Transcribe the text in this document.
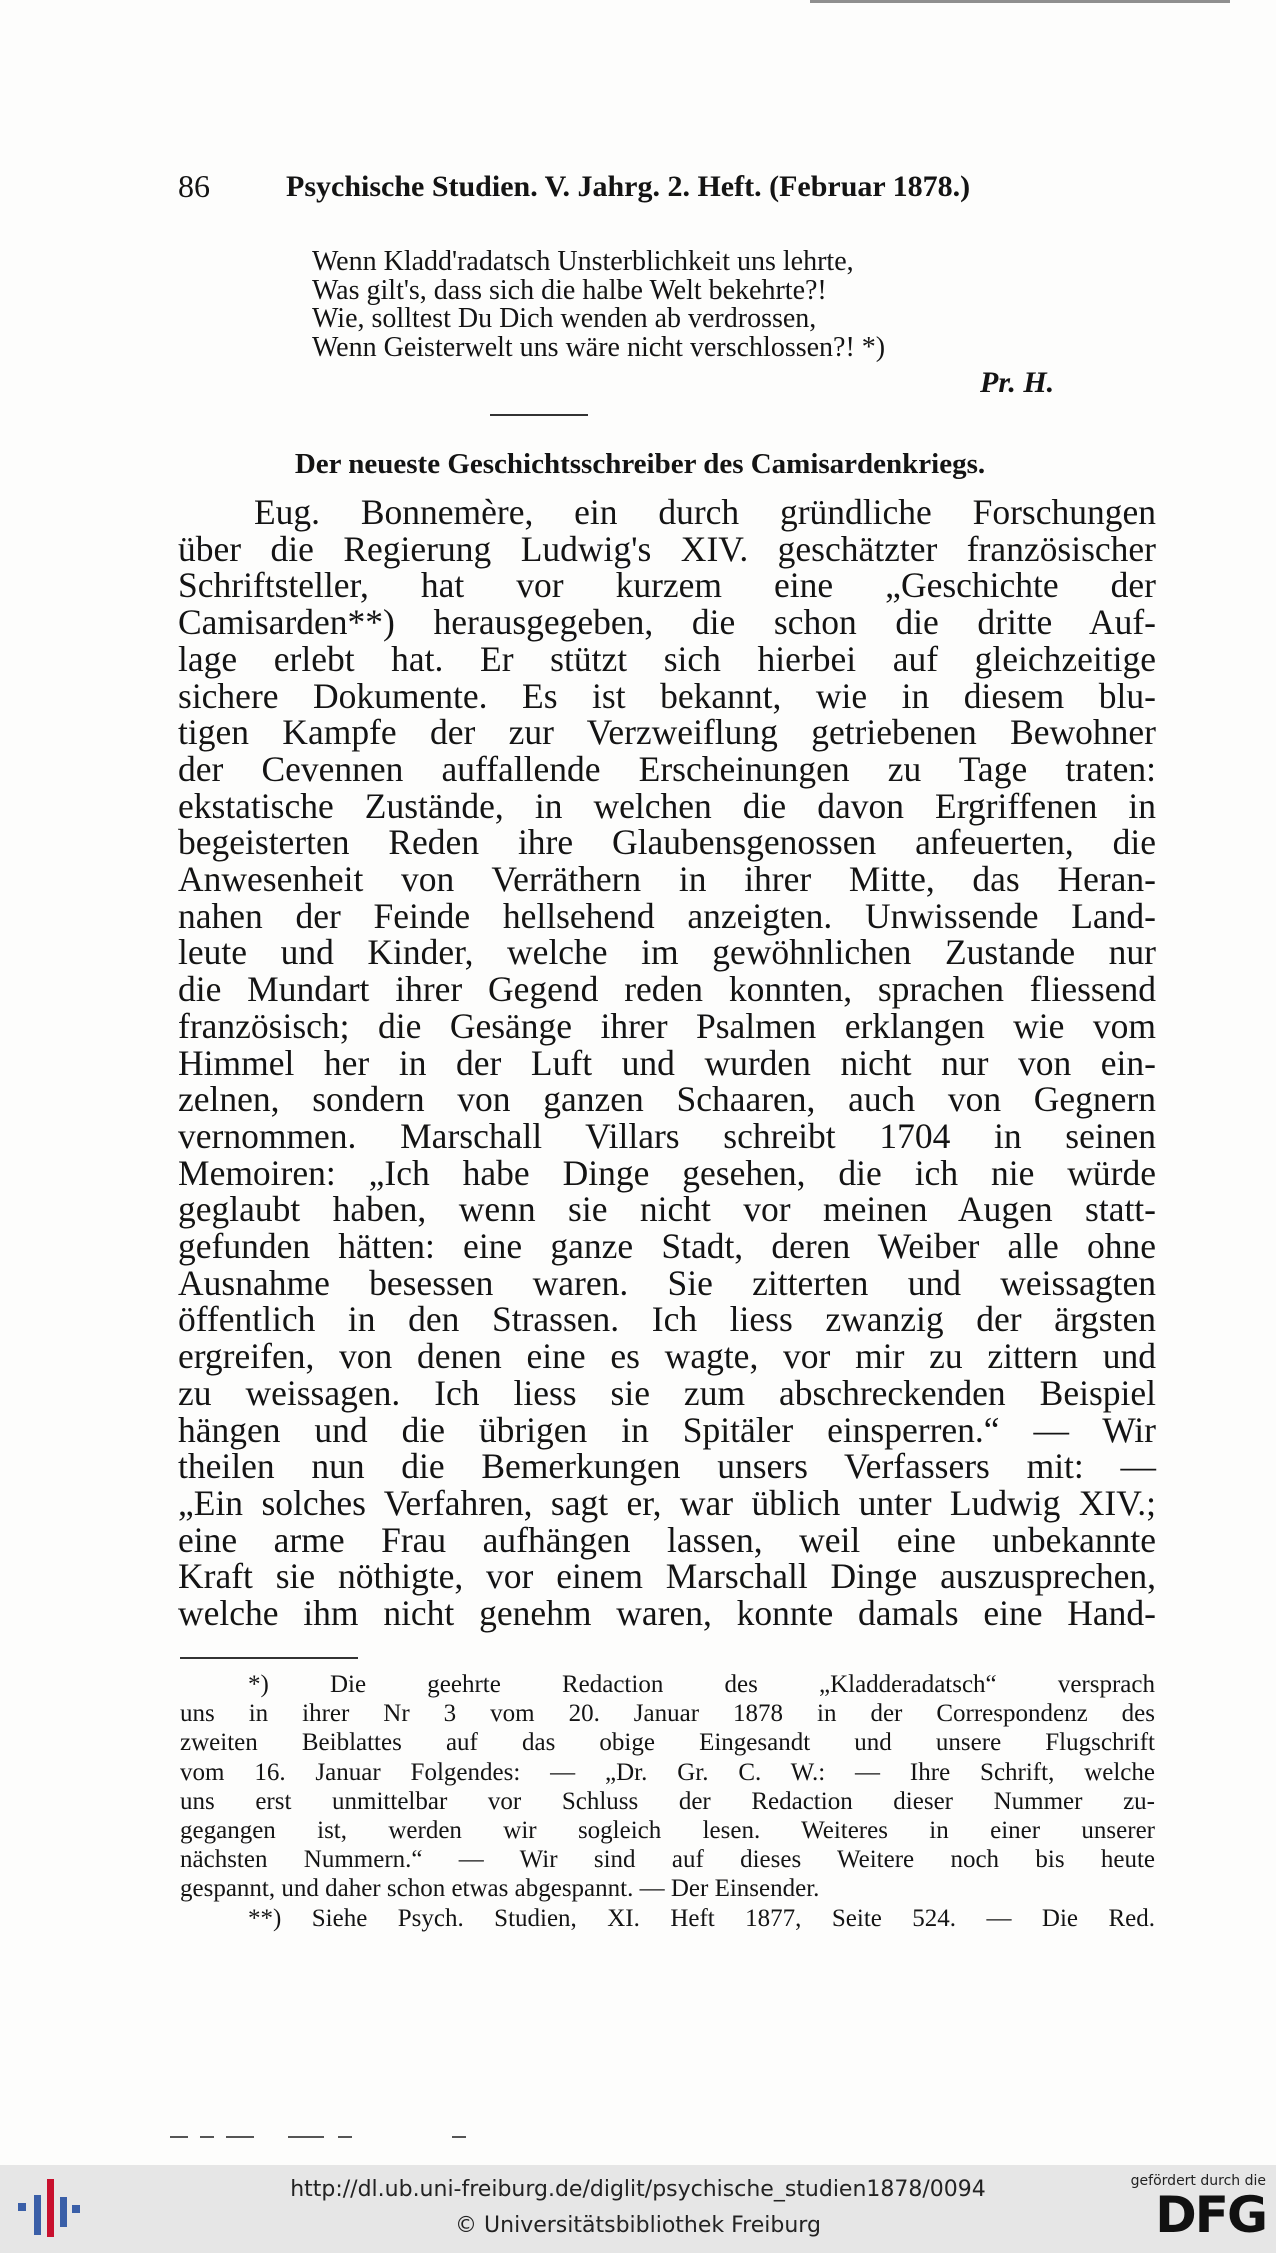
86	Psychische Studien. V. Jahrg. 2. Heft. (Februar 1878.)
Wenn Kladd'radatsch Unsterblichkeit uns lehrte,
Was gilt's, dass sich die halbe Welt bekehrte?!
Wie, solltest Du Dich wenden ab verdrossen,
Wenn Geisterwelt uns wäre nicht verschlossen?! *)
Pr. H.
Der neueste Geschichtsschreiber des Camisardenkriegs.
Eug. Bonnemère, ein durch gründliche Forschungen
über die Regierung Ludwig's XIV. geschätzter französischer
Schriftsteller, hat vor kurzem eine „Geschichte der
Camisarden**) herausgegeben, die schon die dritte Auf-
lage erlebt hat. Er stützt sich hierbei auf gleichzeitige
sichere Dokumente. Es ist bekannt, wie in diesem blu-
tigen Kampfe der zur Verzweiflung getriebenen Bewohner
der Cevennen auffallende Erscheinungen zu Tage traten:
ekstatische Zustände, in welchen die davon Ergriffenen in
begeisterten Reden ihre Glaubensgenossen anfeuerten, die
Anwesenheit von Verräthern in ihrer Mitte, das Heran-
nahen der Feinde hellsehend anzeigten. Unwissende Land-
leute und Kinder, welche im gewöhnlichen Zustande nur
die Mundart ihrer Gegend reden konnten, sprachen fliessend
französisch; die Gesänge ihrer Psalmen erklangen wie vom
Himmel her in der Luft und wurden nicht nur von ein-
zelnen, sondern von ganzen Schaaren, auch von Gegnern
vernommen. Marschall Villars schreibt 1704 in seinen
Memoiren: „Ich habe Dinge gesehen, die ich nie würde
geglaubt haben, wenn sie nicht vor meinen Augen statt-
gefunden hätten: eine ganze Stadt, deren Weiber alle ohne
Ausnahme besessen waren. Sie zitterten und weissagten
öffentlich in den Strassen. Ich liess zwanzig der ärgsten
ergreifen, von denen eine es wagte, vor mir zu zittern und
zu weissagen. Ich liess sie zum abschreckenden Beispiel
hängen und die übrigen in Spitäler einsperren.“ — Wir
theilen nun die Bemerkungen unsers Verfassers mit: —
„Ein solches Verfahren, sagt er, war üblich unter Ludwig XIV.;
eine arme Frau aufhängen lassen, weil eine unbekannte
Kraft sie nöthigte, vor einem Marschall Dinge auszusprechen,
welche ihm nicht genehm waren, konnte damals eine Hand-
*) Die geehrte Redaction des „Kladderadatsch“ versprach
uns in ihrer Nr 3 vom 20. Januar 1878 in der Correspondenz des
zweiten Beiblattes auf das obige Eingesandt und unsere Flugschrift
vom 16. Januar Folgendes: — „Dr. Gr. C. W.: — Ihre Schrift, welche
uns erst unmittelbar vor Schluss der Redaction dieser Nummer zu-
gegangen ist, werden wir sogleich lesen. Weiteres in einer unserer
nächsten Nummern.“ — Wir sind auf dieses Weitere noch bis heute
gespannt, und daher schon etwas abgespannt. — Der Einsender.
**) Siehe Psych. Studien, XI. Heft 1877, Seite 524. — Die Red.
http://dl.ub.uni-freiburg.de/diglit/psychische_studien1878/0094
© Universitätsbibliothek Freiburg
gefördert durch die
DFG
